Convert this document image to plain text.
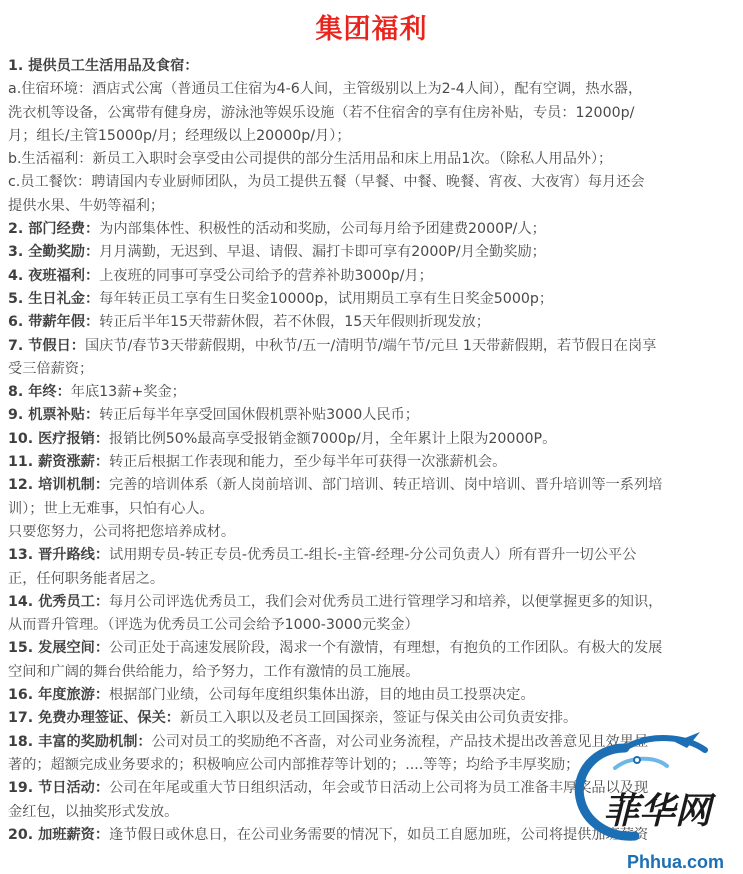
集团福利
1. 提供员工生活用品及食宿：
a.住宿环境：酒店式公寓（普通员工住宿为4-6人间，主管级别以上为2-4人间），配有空调，热水器，
洗衣机等设备，公寓带有健身房，游泳池等娱乐设施（若不住宿舍的享有住房补贴，专员：12000p/
月；组长/主管15000p/月；经理级以上20000p/月）；
b.生活福利：新员工入职时会享受由公司提供的部分生活用品和床上用品1次。（除私人用品外）；
c.员工餐饮：聘请国内专业厨师团队，为员工提供五餐（早餐、中餐、晚餐、宵夜、大夜宵）每月还会
提供水果、牛奶等福利；
2. 部门经费：为内部集体性、积极性的活动和奖励，公司每月给予团建费2000P/人；
3. 全勤奖励：月月满勤，无迟到、早退、请假、漏打卡即可享有2000P/月全勤奖励；
4. 夜班福利：上夜班的同事可享受公司给予的营养补助3000p/月；
5. 生日礼金：每年转正员工享有生日奖金10000p，试用期员工享有生日奖金5000p；
6. 带薪年假：转正后半年15天带薪休假，若不休假，15天年假则折现发放；
7. 节假日：国庆节/春节3天带薪假期，中秋节/五一/清明节/端午节/元旦 1天带薪假期，若节假日在岗享
受三倍薪资；
8. 年终：年底13薪+奖金；
9. 机票补贴：转正后每半年享受回国休假机票补贴3000人民币；
10. 医疗报销：报销比例50%最高享受报销金额7000p/月，全年累计上限为20000P。
11. 薪资涨薪：转正后根据工作表现和能力，至少每半年可获得一次涨薪机会。
12. 培训机制：完善的培训体系（新人岗前培训、部门培训、转正培训、岗中培训、晋升培训等一系列培
训）；世上无难事，只怕有心人。
只要您努力，公司将把您培养成材。
13. 晋升路线：试用期专员-转正专员-优秀员工-组长-主管-经理-分公司负责人）所有晋升一切公平公
正，任何职务能者居之。
14. 优秀员工：每月公司评选优秀员工，我们会对优秀员工进行管理学习和培养，以便掌握更多的知识，
从而晋升管理。（评选为优秀员工公司会给予1000-3000元奖金）
15. 发展空间：公司正处于高速发展阶段，渴求一个有激情，有理想，有抱负的工作团队。有极大的发展
空间和广阔的舞台供给能力，给予努力，工作有激情的员工施展。
16. 年度旅游：根据部门业绩，公司每年度组织集体出游，目的地由员工投票决定。
17. 免费办理签证、保关：新员工入职以及老员工回国探亲，签证与保关由公司负责安排。
18. 丰富的奖励机制：公司对员工的奖励绝不吝啬，对公司业务流程，产品技术提出改善意见且效果显
著的；超额完成业务要求的；积极响应公司内部推荐等计划的；....等等；均给予丰厚奖励；
19. 节日活动：公司在年尾或重大节日组织活动，年会或节日活动上公司将为员工准备丰厚奖品以及现
金红包，以抽奖形式发放。
20. 加班薪资：逢节假日或休息日，在公司业务需要的情况下，如员工自愿加班，公司将提供加班薪资
菲华网
Phhua.com
